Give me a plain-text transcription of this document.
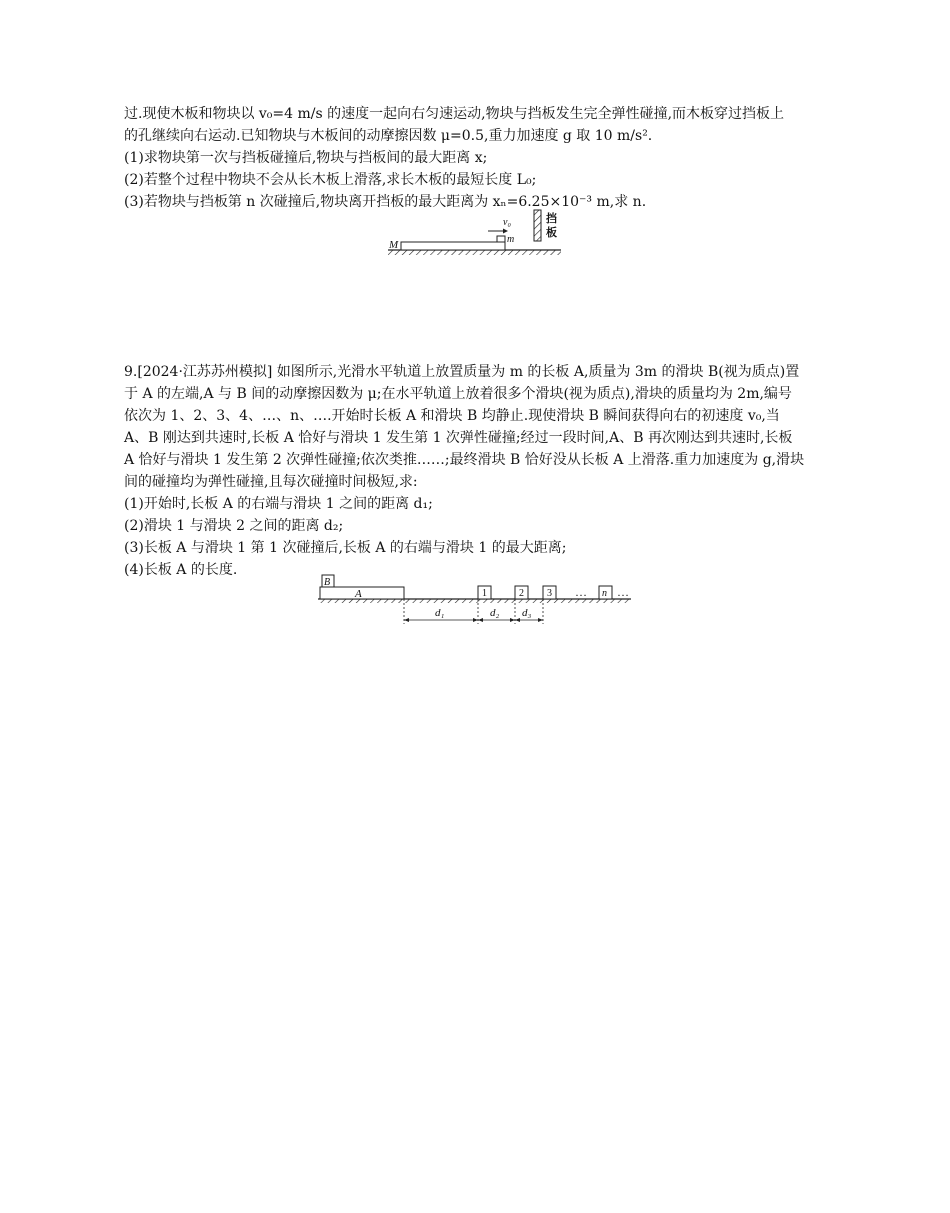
过.现使木板和物块以 v₀=4 m/s 的速度一起向右匀速运动,物块与挡板发生完全弹性碰撞,而木板穿过挡板上
的孔继续向右运动.已知物块与木板间的动摩擦因数 μ=0.5,重力加速度 g 取 10 m/s².
(1)求物块第一次与挡板碰撞后,物块与挡板间的最大距离 x;
(2)若整个过程中物块不会从长木板上滑落,求长木板的最短长度 L₀;
(3)若物块与挡板第 n 次碰撞后,物块离开挡板的最大距离为 xₙ=6.25×10⁻³ m,求 n.
M	m
v₀	挡
板
9.[2024·江苏苏州模拟] 如图所示,光滑水平轨道上放置质量为 m 的长板 A,质量为 3m 的滑块 B(视为质点)置
于 A 的左端,A 与 B 间的动摩擦因数为 μ;在水平轨道上放着很多个滑块(视为质点),滑块的质量均为 2m,编号
依次为 1、2、3、4、…、n、….开始时长板 A 和滑块 B 均静止.现使滑块 B 瞬间获得向右的初速度 v₀,当
A、B 刚达到共速时,长板 A 恰好与滑块 1 发生第 1 次弹性碰撞;经过一段时间,A、B 再次刚达到共速时,长板
A 恰好与滑块 1 发生第 2 次弹性碰撞;依次类推……;最终滑块 B 恰好没从长板 A 上滑落.重力加速度为 g,滑块
间的碰撞均为弹性碰撞,且每次碰撞时间极短,求:
(1)开始时,长板 A 的右端与滑块 1 之间的距离 d₁;
(2)滑块 1 与滑块 2 之间的距离 d₂;
(3)长板 A 与滑块 1 第 1 次碰撞后,长板 A 的右端与滑块 1 的最大距离;
(4)长板 A 的长度.
A
B
1	2 3 … n …
d₁	d₂ d₃
